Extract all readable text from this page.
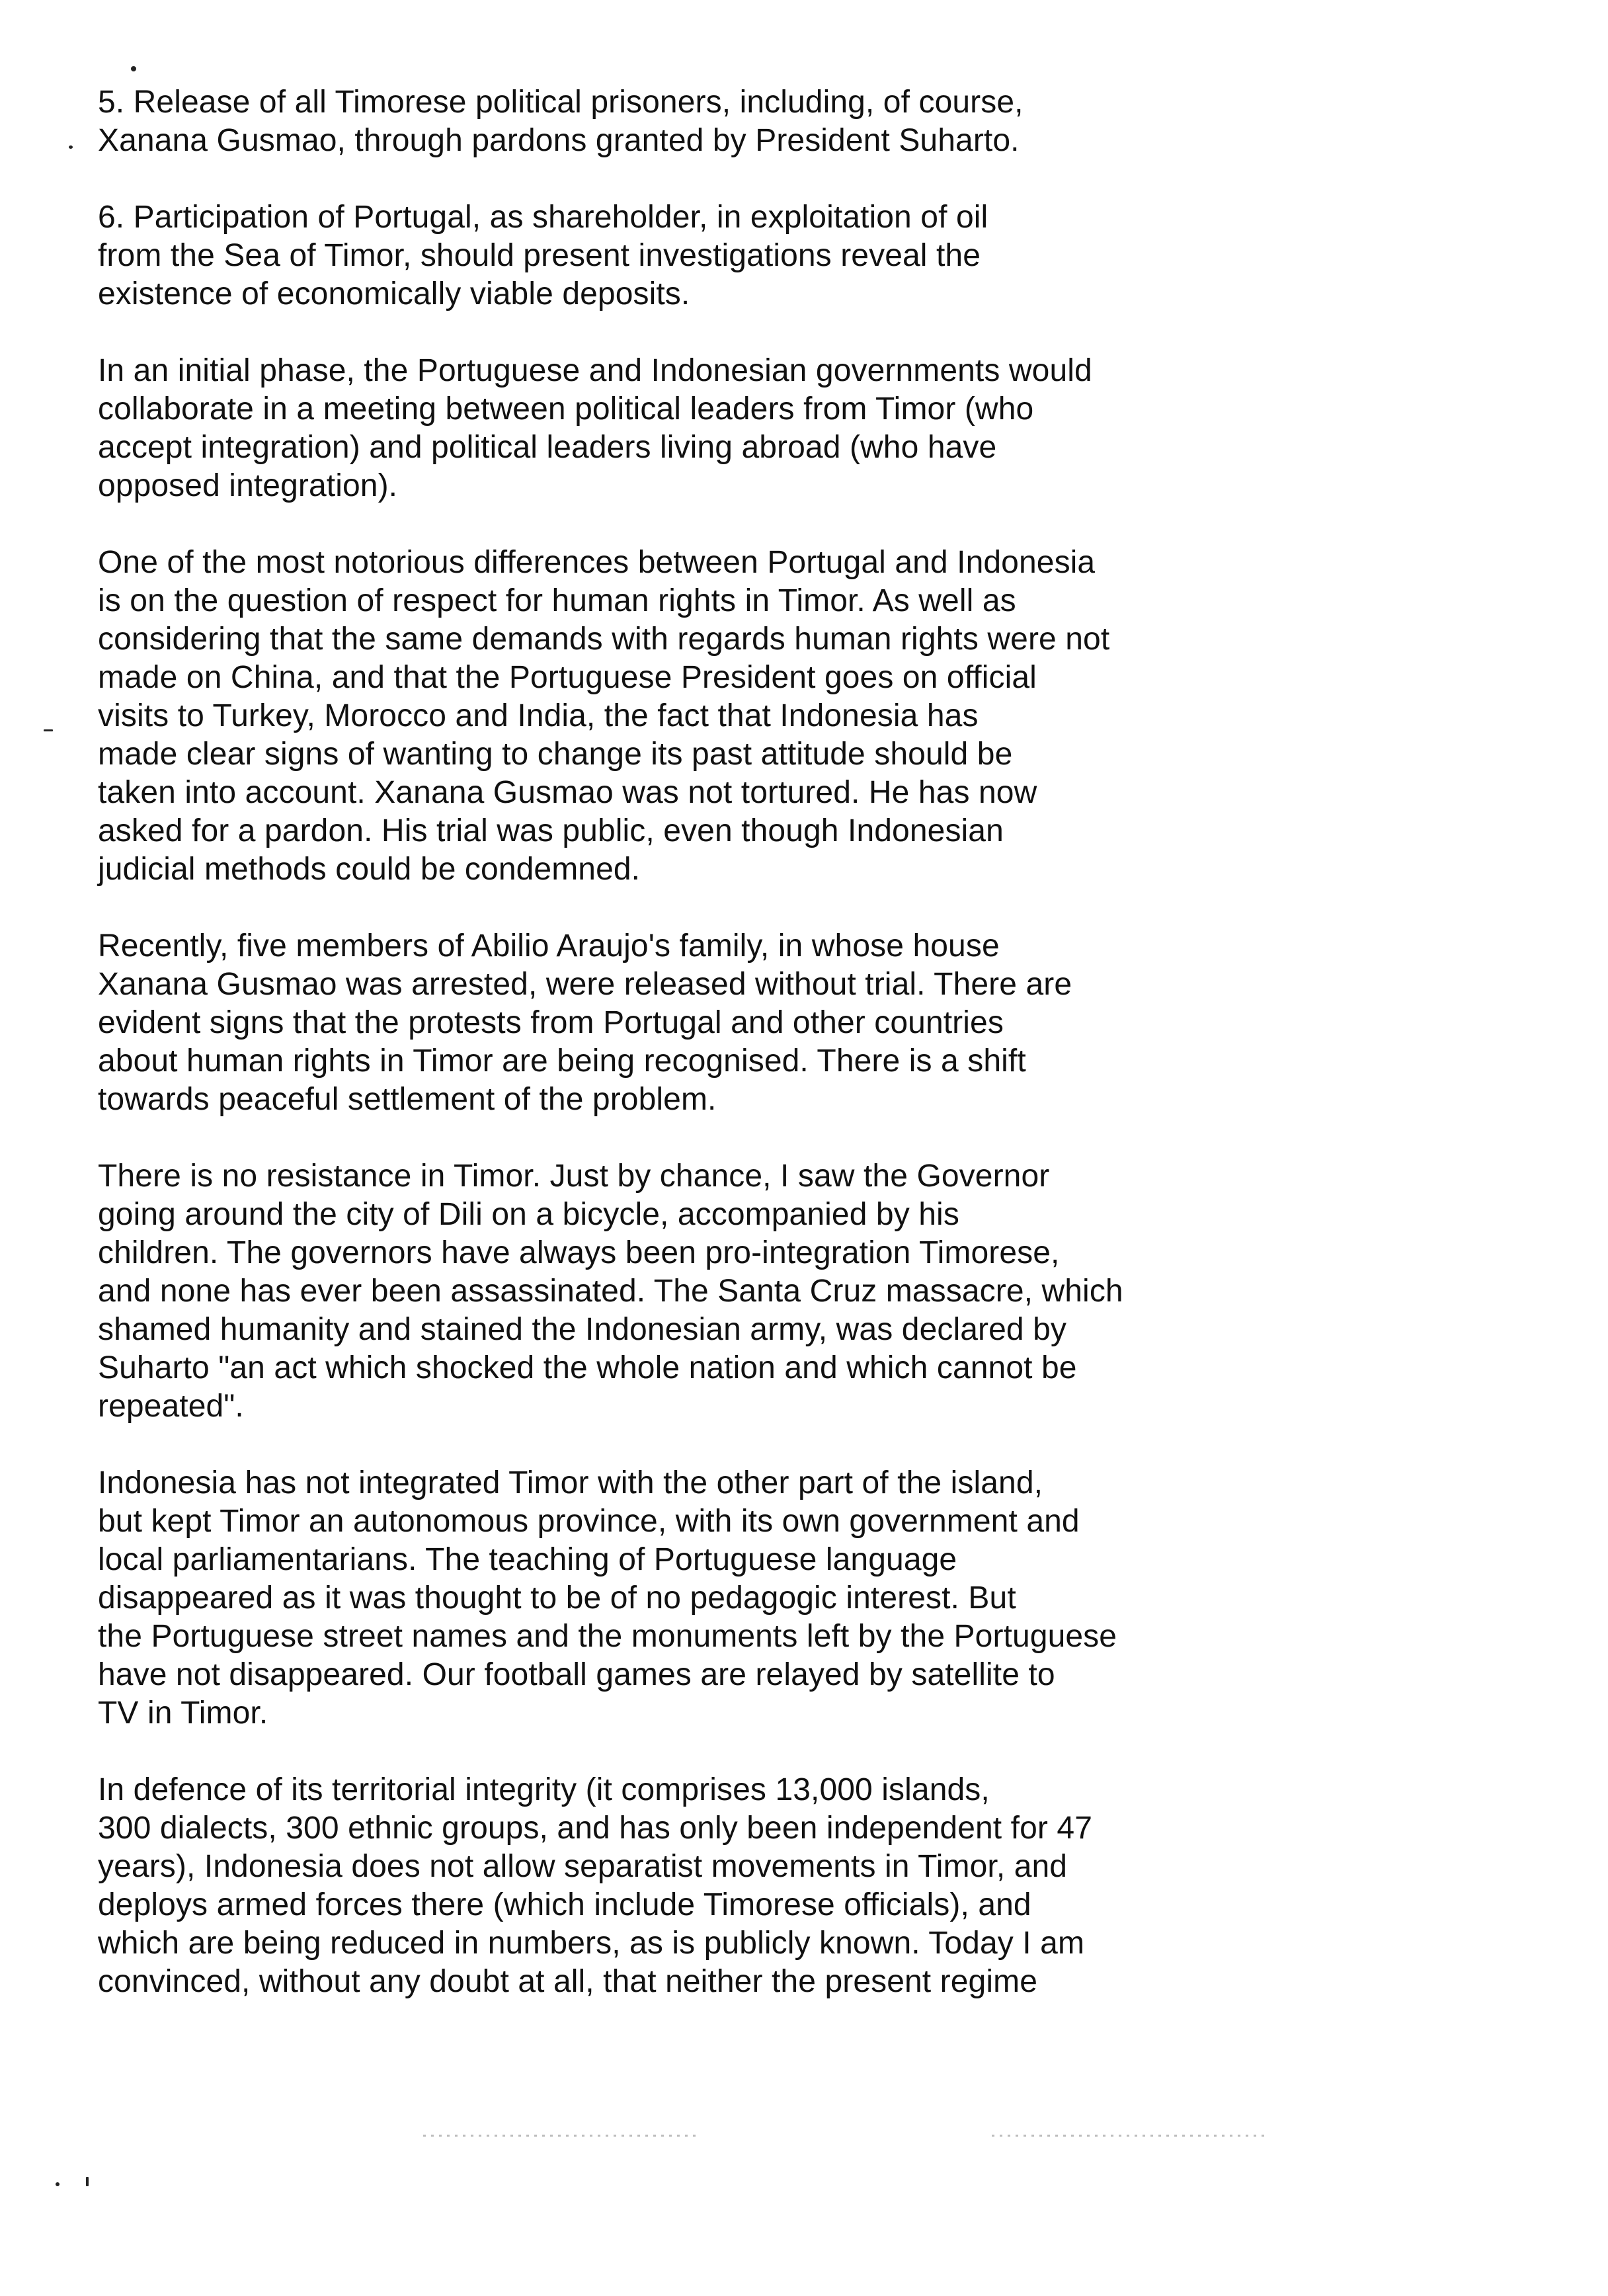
5. Release of all Timorese political prisoners, including, of course,
Xanana Gusmao, through pardons granted by President Suharto.

6. Participation of Portugal, as shareholder, in exploitation of oil
from the Sea of Timor, should present investigations reveal the
existence of economically viable deposits.

In an initial phase, the Portuguese and Indonesian governments would
collaborate in a meeting between political leaders from Timor (who
accept integration) and political leaders living abroad (who have
opposed integration).

One of the most notorious differences between Portugal and Indonesia
is on the question of respect for human rights in Timor. As well as
considering that the same demands with regards human rights were not
made on China, and that the Portuguese President goes on official
visits to Turkey, Morocco and India, the fact that Indonesia has
made clear signs of wanting to change its past attitude should be
taken into account. Xanana Gusmao was not tortured. He has now
asked for a pardon. His trial was public, even though Indonesian
judicial methods could be condemned.

Recently, five members of Abilio Araujo's family, in whose house
Xanana Gusmao was arrested, were released without trial. There are
evident signs that the protests from Portugal and other countries
about human rights in Timor are being recognised. There is a shift
towards peaceful settlement of the problem.

There is no resistance in Timor. Just by chance, I saw the Governor
going around the city of Dili on a bicycle, accompanied by his
children. The governors have always been pro-integration Timorese,
and none has ever been assassinated. The Santa Cruz massacre, which
shamed humanity and stained the Indonesian army, was declared by
Suharto "an act which shocked the whole nation and which cannot be
repeated".

Indonesia has not integrated Timor with the other part of the island,
but kept Timor an autonomous province, with its own government and
local parliamentarians. The teaching of Portuguese language
disappeared as it was thought to be of no pedagogic interest. But
the Portuguese street names and the monuments left by the Portuguese
have not disappeared. Our football games are relayed by satellite to
TV in Timor.

In defence of its territorial integrity (it comprises 13,000 islands,
300 dialects, 300 ethnic groups, and has only been independent for 47
years), Indonesia does not allow separatist movements in Timor, and
deploys armed forces there (which include Timorese officials), and
which are being reduced in numbers, as is publicly known. Today I am
convinced, without any doubt at all, that neither the present regime
